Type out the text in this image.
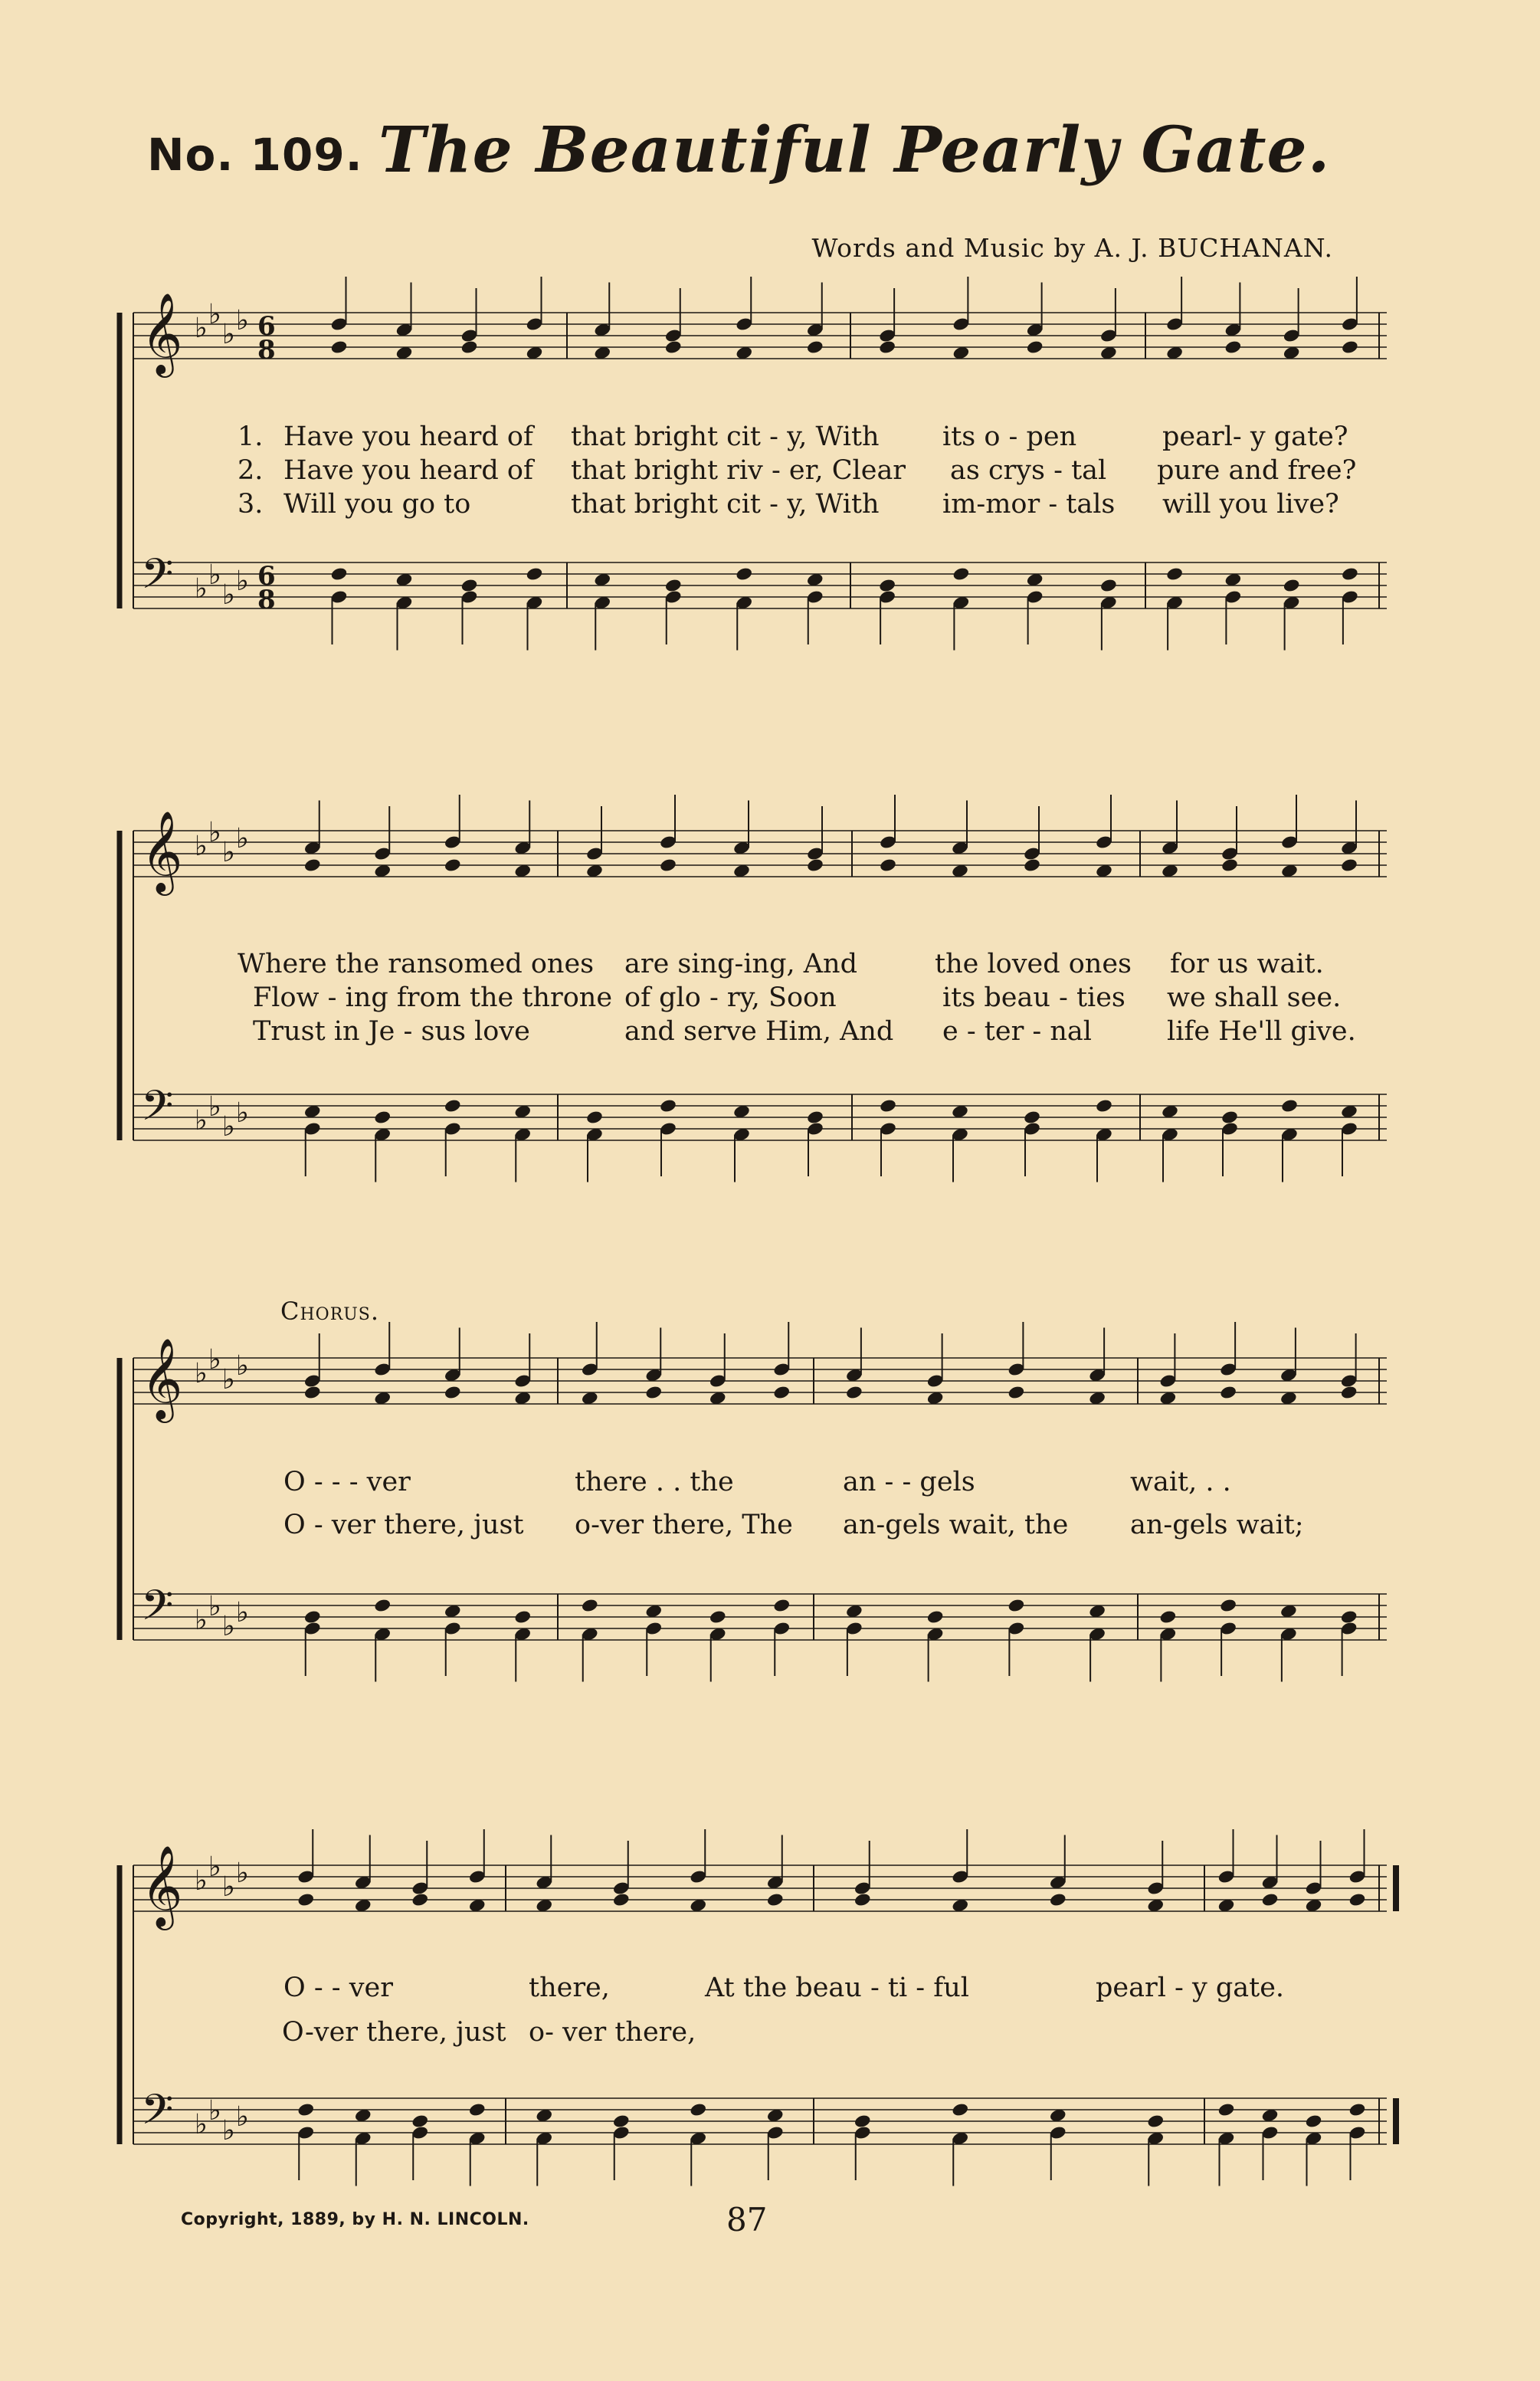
No. 109. The Beautiful Pearly Gate.
Words and Music by A. J. BUCHANAN.
𝄞 ♭ ♭
♭ ♭ 6
8
𝄢 ♭ ♭
♭ ♭ 6
8
1. Have you heard of that bright cit - y, With its o - pen	pearl- y gate?
2. Have you heard of that bright riv - er, Clear as crys - tal pure and free?
3. Will you go to	that bright cit - y, With im-mor - tals will you live?
𝄞 ♭ ♭
♭ ♭
𝄢 ♭ ♭
♭ ♭
Where the ransomed ones are sing-ing, And	the loved ones for us wait.
Flow - ing from the throne of glo - ry, Soon	its beau - ties we shall see.
Trust in Je - sus love	and serve Him, And e - ter - nal	life He'll give.
Chorus.
𝄞 ♭ ♭
♭ ♭
𝄢 ♭ ♭
♭ ♭
O - - - ver	there . . the	an - - gels	wait, . .
O - ver there, just o-ver there, The an-gels wait, the an-gels wait;
𝄞 ♭ ♭
♭ ♭
𝄢 ♭ ♭
♭ ♭
O - - ver	there,	At the beau - ti - ful	pearl - y gate.
O-ver there, just o- ver there,
Copyright, 1889, by H. N. LINCOLN.	87
